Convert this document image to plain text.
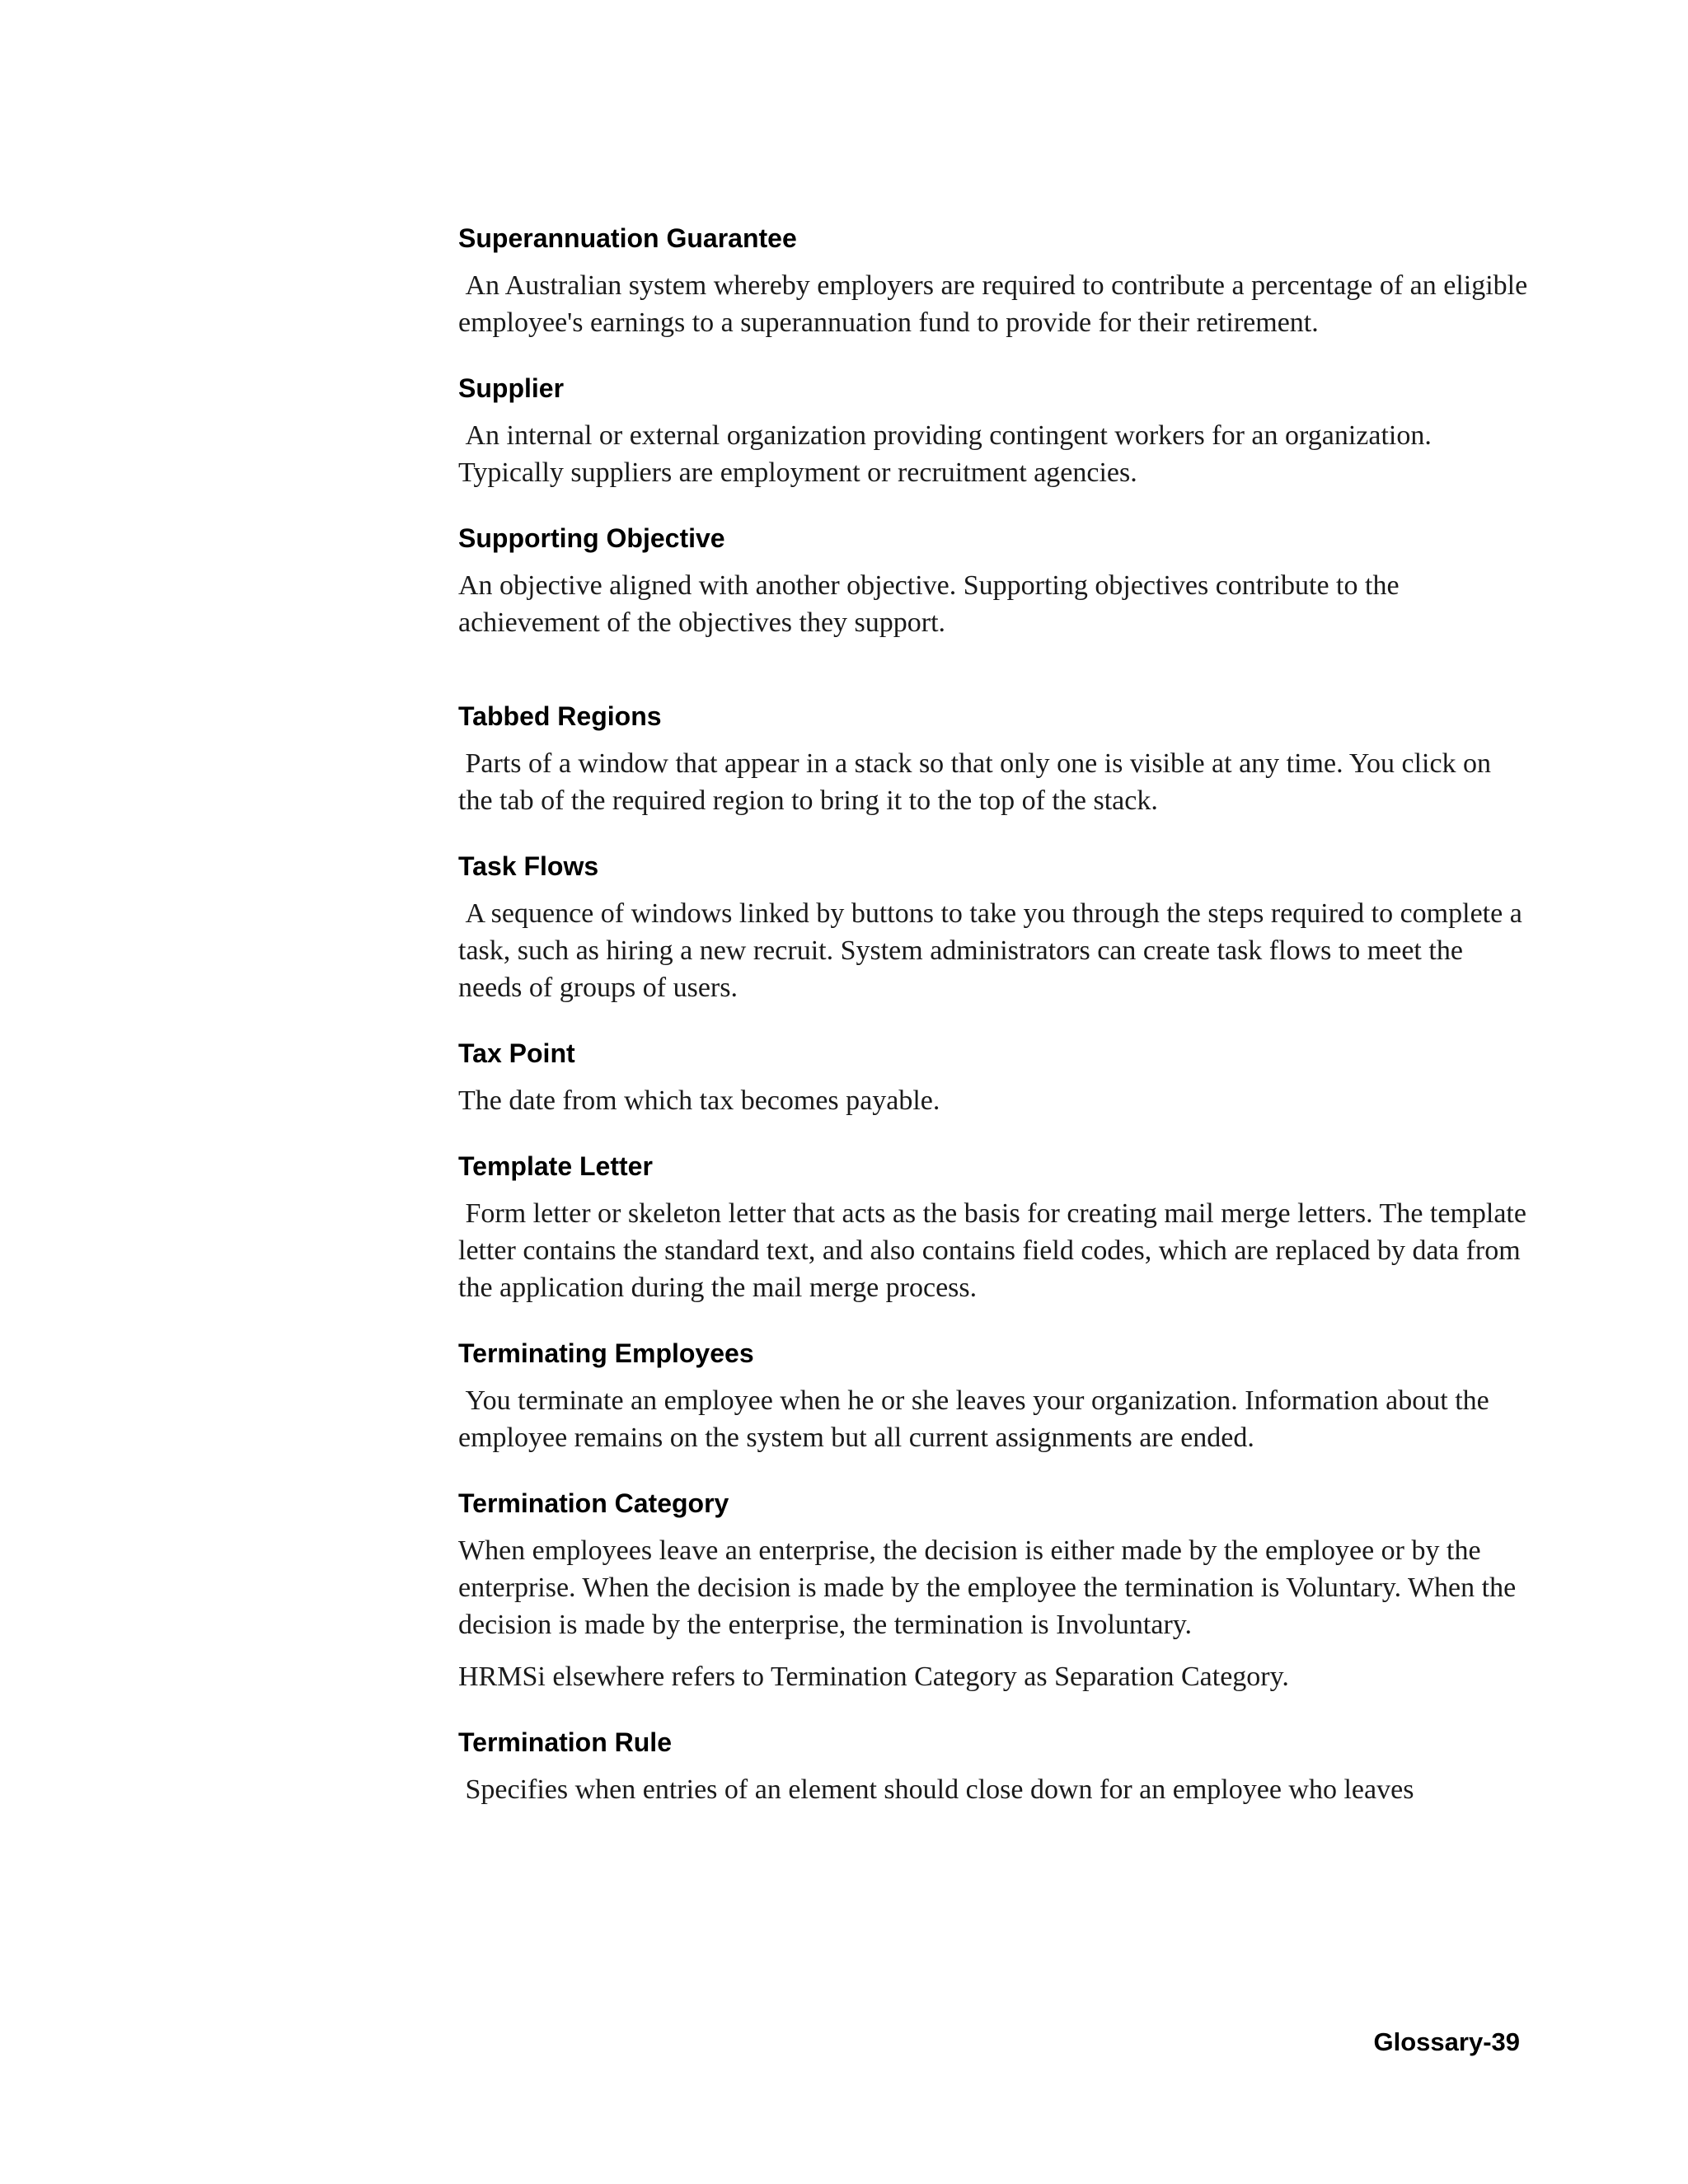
Superannuation Guarantee

An Australian system whereby employers are required to contribute a percentage of an eligible employee's earnings to a superannuation fund to provide for their retirement.

Supplier

An internal or external organization providing contingent workers for an organization. Typically suppliers are employment or recruitment agencies.

Supporting Objective

An objective aligned with another objective. Supporting objectives contribute to the achievement of the objectives they support.

Tabbed Regions

Parts of a window that appear in a stack so that only one is visible at any time. You click on the tab of the required region to bring it to the top of the stack.

Task Flows

A sequence of windows linked by buttons to take you through the steps required to complete a task, such as hiring a new recruit. System administrators can create task flows to meet the needs of groups of users.

Tax Point

The date from which tax becomes payable.

Template Letter

Form letter or skeleton letter that acts as the basis for creating mail merge letters. The template letter contains the standard text, and also contains field codes, which are replaced by data from the application during the mail merge process.

Terminating Employees

You terminate an employee when he or she leaves your organization. Information about the employee remains on the system but all current assignments are ended.

Termination Category

When employees leave an enterprise, the decision is either made by the employee or by the enterprise. When the decision is made by the employee the termination is Voluntary. When the decision is made by the enterprise, the termination is Involuntary.

HRMSi elsewhere refers to Termination Category as Separation Category.

Termination Rule

Specifies when entries of an element should close down for an employee who leaves

Glossary-39
